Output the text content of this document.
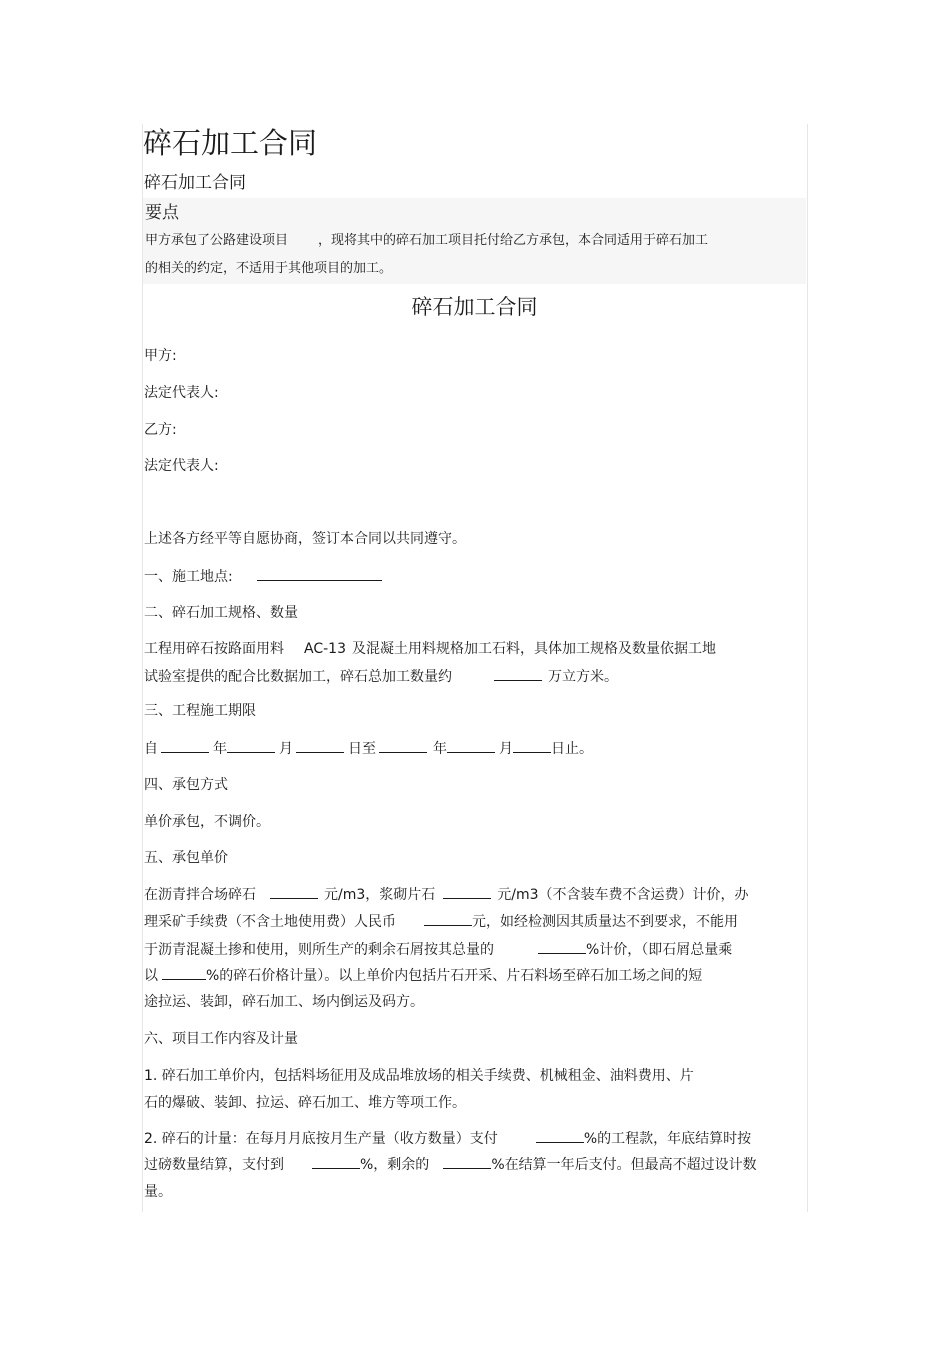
碎石加工合同
碎石加工合同
要点
甲方承包了公路建设项目 ，现将其中的碎石加工项目托付给乙方承包，本合同适用于碎石加工
的相关的约定，不适用于其他项目的加工。
碎石加工合同
甲方:
法定代表人:
乙方:
法定代表人:
上述各方经平等自愿协商，签订本合同以共同遵守。
一、施工地点:
二、碎石加工规格、数量
工程用碎石按路面用料 AC-13 及混凝土用料规格加工石料，具体加工规格及数量依据工地
试验室提供的配合比数据加工，碎石总加工数量约	万立方米。
三、工程施工期限
自	年	月	日至	年	月	日止。
四、承包方式
单价承包，不调价。
五、承包单价
在沥青拌合场碎石	元/m3，浆砌片石	元/m3（不含装车费不含运费）计价，办
理采矿手续费（不含土地使用费）人民币	元，如经检测因其质量达不到要求，不能用
于沥青混凝土掺和使用，则所生产的剩余石屑按其总量的	%计价，（即石屑总量乘
以	%的碎石价格计量）。以上单价内包括片石开采、片石料场至碎石加工场之间的短
途拉运、装卸，碎石加工、场内倒运及码方。
六、项目工作内容及计量
1. 碎石加工单价内，包括料场征用及成品堆放场的相关手续费、机械租金、油料费用、片
石的爆破、装卸、拉运、碎石加工、堆方等项工作。
2. 碎石的计量：在每月月底按月生产量（收方数量）支付	%的工程款，年底结算时按
过磅数量结算，支付到	%，剩余的	%在结算一年后支付。但最高不超过设计数
量。
